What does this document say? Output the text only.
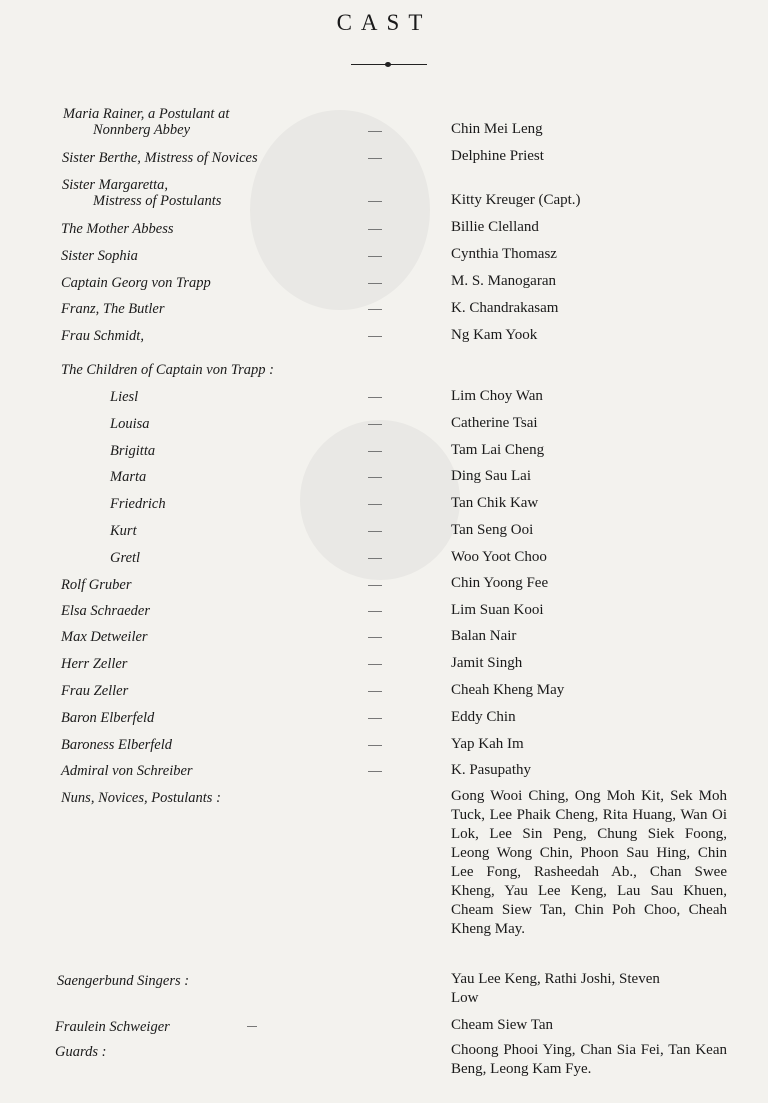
CAST
Maria Rainer, a Postulant at
Nonnberg Abbey	Chin Mei Leng
Sister Berthe, Mistress of Novices	Delphine Priest
Sister Margaretta,
Mistress of Postulants	Kitty Kreuger (Capt.)
The Mother Abbess	Billie Clelland
Sister Sophia	Cynthia Thomasz
Captain Georg von Trapp	M. S. Manogaran
Franz, The Butler	K. Chandrakasam
Frau Schmidt,	Ng Kam Yook
The Children of Captain von Trapp :
Liesl	Lim Choy Wan
Louisa	Catherine Tsai
Brigitta	Tam Lai Cheng
Marta	Ding Sau Lai
Friedrich	Tan Chik Kaw
Kurt	Tan Seng Ooi
Gretl	Woo Yoot Choo
Rolf Gruber	Chin Yoong Fee
Elsa Schraeder	Lim Suan Kooi
Max Detweiler	Balan Nair
Herr Zeller	Jamit Singh
Frau Zeller	Cheah Kheng May
Baron Elberfeld	Eddy Chin
Baroness Elberfeld	Yap Kah Im
Admiral von Schreiber	K. Pasupathy
Nuns, Novices, Postulants :	Gong Wooi Ching, Ong Moh Kit, Sek Moh Tuck, Lee Phaik Cheng, Rita Huang, Wan Oi Lok, Lee Sin Peng, Chung Siek Foong, Leong Wong Chin, Phoon Sau Hing, Chin Lee Fong, Rasheedah Ab., Chan Swee Kheng, Yau Lee Keng, Lau Sau Khuen, Cheam Siew Tan, Chin Poh Choo, Cheah Kheng May.
Saengerbund Singers :	Yau Lee Keng, Rathi Joshi, Steven Low
Fraulein Schweiger	Cheam Siew Tan
Guards :	Choong Phooi Ying, Chan Sia Fei, Tan Kean Beng, Leong Kam Fye.
